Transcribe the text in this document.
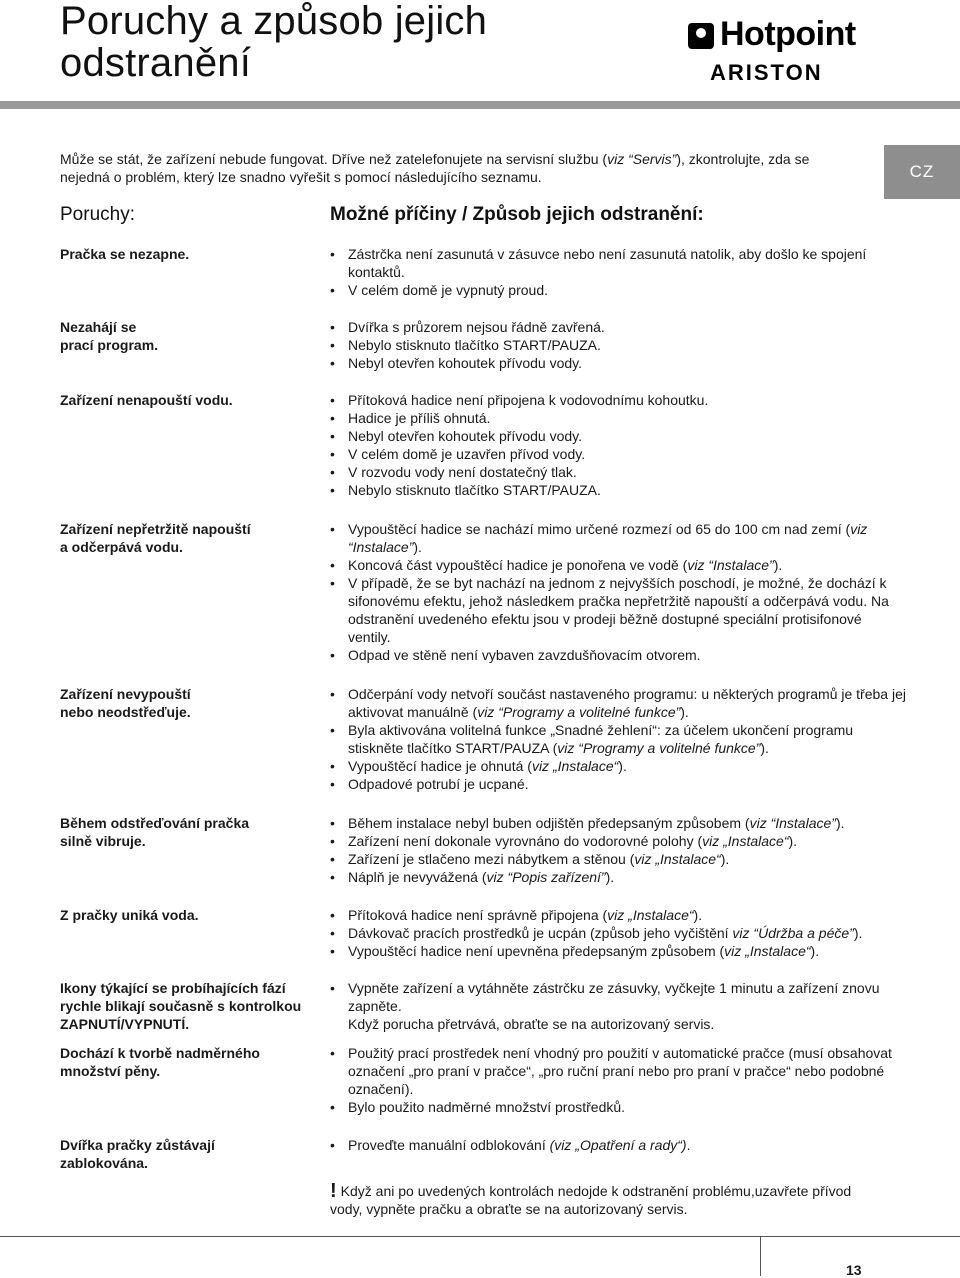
Poruchy a způsob jejich
odstranění
Hotpoint
ARISTON
CZ

Může se stát, že zařízení nebude fungovat. Dříve než zatelefonujete na servisní službu (viz “Servis”), zkontrolujte, zda se nejedná o problém, který lze snadno vyřešit s pomocí následujícího seznamu.

Poruchy:	Možné příčiny / Způsob jejich odstranění:
Pračka se nezapne.
Nezahájí se
prací program.
Zařízení nenapouští vodu.
Zařízení nepřetržitě napouští
a odčerpává vodu.
Zařízení nevypouští
nebo neodstřeďuje.
Během odstřeďování pračka
silně vibruje.
Z pračky uniká voda.
Ikony týkající se probíhajících fází
rychle blikají současně s kontrolkou
ZAPNUTÍ/VYPNUTÍ.
Dochází k tvorbě nadměrného
množství pěny.
Dvířka pračky zůstávají
zablokována.
• Zástrčka není zasunutá v zásuvce nebo není zasunutá natolik, aby došlo ke spojení kontaktů.
• V celém domě je vypnutý proud.
• Dvířka s průzorem nejsou řádně zavřená.
• Nebylo stisknuto tlačítko START/PAUZA.
• Nebyl otevřen kohoutek přívodu vody.
• Přítoková hadice není připojena k vodovodnímu kohoutku.
• Hadice je příliš ohnutá.
• Nebyl otevřen kohoutek přívodu vody.
• V celém domě je uzavřen přívod vody.
• V rozvodu vody není dostatečný tlak.
• Nebylo stisknuto tlačítko START/PAUZA.
• Vypouštěcí hadice se nachází mimo určené rozmezí od 65 do 100 cm nad zemí (viz “Instalace”).
• Koncová část vypouštěcí hadice je ponořena ve vodě (viz “Instalace”).
• V případě, že se byt nachází na jednom z nejvyšších poschodí, je možné, že dochází k sifonovému efektu, jehož následkem pračka nepřetržitě napouští a odčerpává vodu. Na odstranění uvedeného efektu jsou v prodeji běžně dostupné speciální protisifonové ventily.
• Odpad ve stěně není vybaven zavzdušňovacím otvorem.
• Odčerpání vody netvoří součást nastaveného programu: u některých programů je třeba jej aktivovat manuálně (viz “Programy a volitelné funkce”).
• Byla aktivována volitelná funkce „Snadné žehlení“: za účelem ukončení programu stiskněte tlačítko START/PAUZA (viz “Programy a volitelné funkce”).
• Vypouštěcí hadice je ohnutá (viz „Instalace“).
• Odpadové potrubí je ucpané.
• Během instalace nebyl buben odjištěn předepsaným způsobem (viz “Instalace”).
• Zařízení není dokonale vyrovnáno do vodorovné polohy (viz „Instalace“).
• Zařízení je stlačeno mezi nábytkem a stěnou (viz „Instalace“).
• Náplň je nevyvážená (viz “Popis zařízení”).
• Přítoková hadice není správně připojena (viz „Instalace“).
• Dávkovač pracích prostředků je ucpán (způsob jeho vyčištění viz “Údržba a péče”).
• Vypouštěcí hadice není upevněna předepsaným způsobem (viz „Instalace“).
• Vypněte zařízení a vytáhněte zástrčku ze zásuvky, vyčkejte 1 minutu a zařízení znovu zapněte.
Když porucha přetrvává, obraťte se na autorizovaný servis.
• Použitý prací prostředek není vhodný pro použití v automatické pračce (musí obsahovat označení „pro praní v pračce“, „pro ruční praní nebo pro praní v pračce“ nebo podobné označení).
• Bylo použito nadměrné množství prostředků.
• Proveďte manuální odblokování (viz „Opatření a rady“).

! Když ani po uvedených kontrolách nedojde k odstranění problému,uzavřete přívod vody, vypněte pračku a obraťte se na autorizovaný servis.

13
